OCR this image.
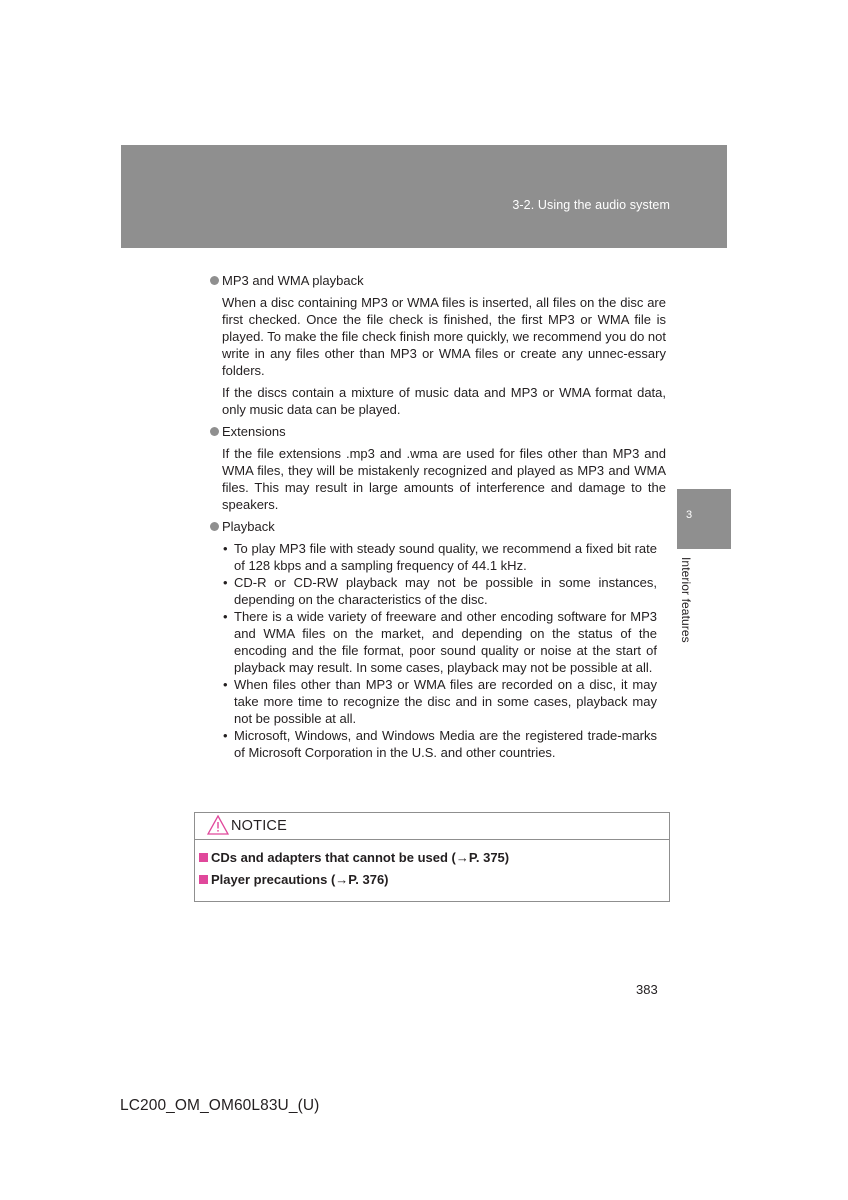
3-2. Using the audio system
3
Interior features
MP3 and WMA playback

When a disc containing MP3 or WMA files is inserted, all files on the disc are first checked. Once the file check is finished, the first MP3 or WMA file is played. To make the file check finish more quickly, we recommend you do not write in any files other than MP3 or WMA files or create any unnec-essary folders.

If the discs contain a mixture of music data and MP3 or WMA format data, only music data can be played.

Extensions

If the file extensions .mp3 and .wma are used for files other than MP3 and WMA files, they will be mistakenly recognized and played as MP3 and WMA files. This may result in large amounts of interference and damage to the speakers.

Playback
• To play MP3 file with steady sound quality, we recommend a fixed bit rate of 128 kbps and a sampling frequency of 44.1 kHz.
• CD-R or CD-RW playback may not be possible in some instances, depending on the characteristics of the disc.
• There is a wide variety of freeware and other encoding software for MP3 and WMA files on the market, and depending on the status of the encoding and the file format, poor sound quality or noise at the start of playback may result. In some cases, playback may not be possible at all.
• When files other than MP3 or WMA files are recorded on a disc, it may take more time to recognize the disc and in some cases, playback may not be possible at all.
• Microsoft, Windows, and Windows Media are the registered trade-marks of Microsoft Corporation in the U.S. and other countries.
NOTICE
CDs and adapters that cannot be used (→P. 375)
Player precautions (→P. 376)
383
LC200_OM_OM60L83U_(U)
